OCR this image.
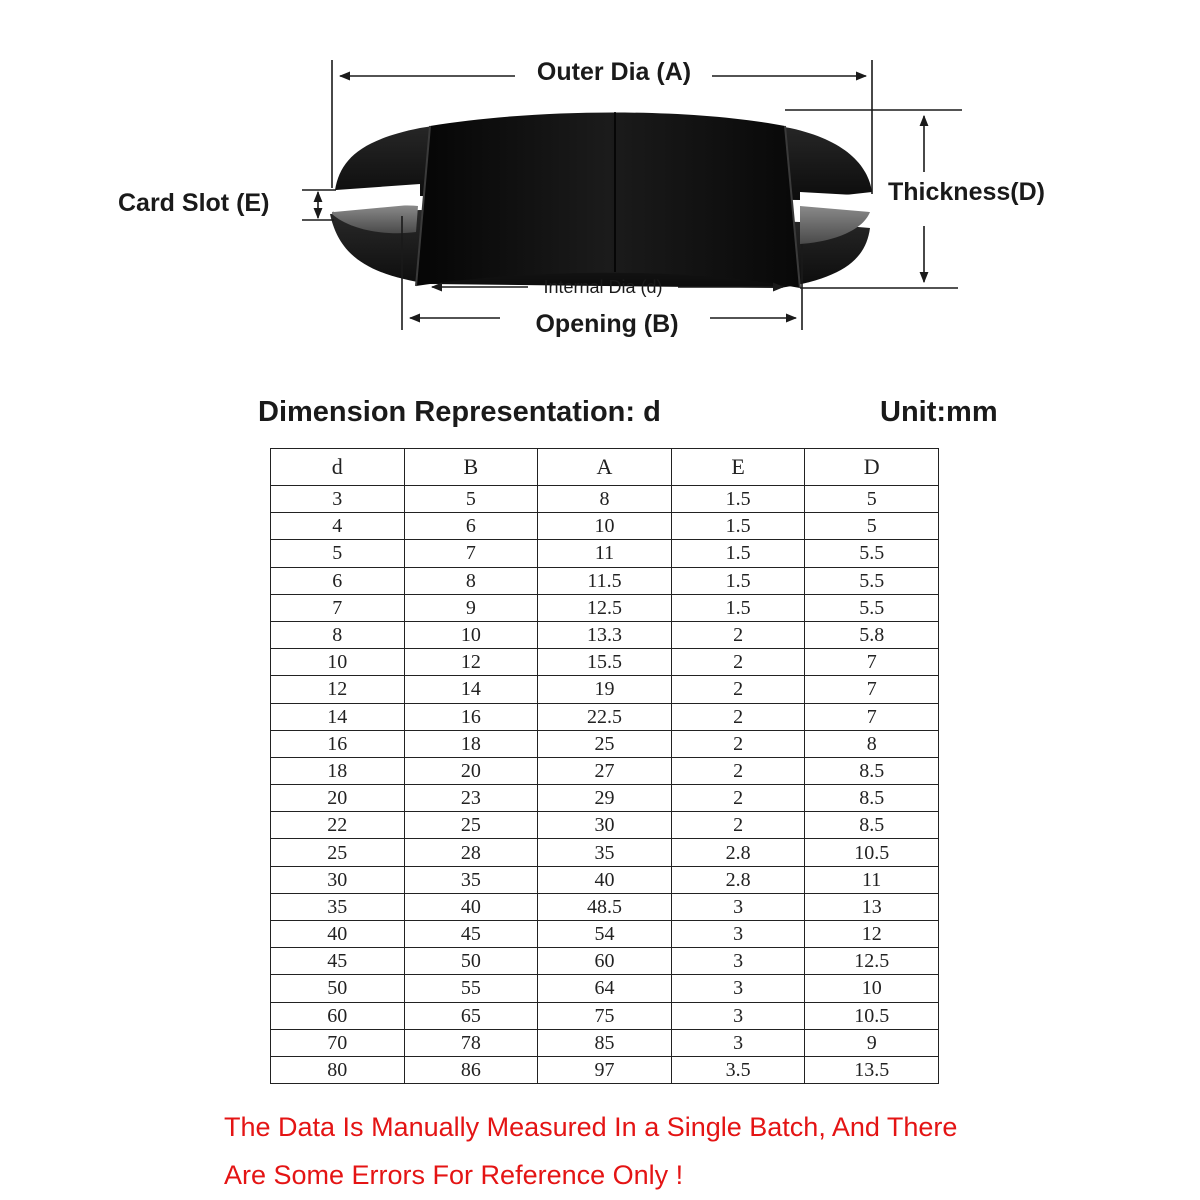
Outer Dia (A)
Card Slot (E)	Thickness(D)
Internal Dia (d)
Opening (B)
Dimension Representation: d	Unit:mm
d	B	A	E	D
3	5	8	1.5	5
4	6	10	1.5	5
5	7	11	1.5	5.5
6	8	11.5	1.5	5.5
7	9	12.5	1.5	5.5
8	10	13.3	2	5.8
10	12	15.5	2	7
12	14	19	2	7
14	16	22.5	2	7
16	18	25	2	8
18	20	27	2	8.5
20	23	29	2	8.5
22	25	30	2	8.5
25	28	35	2.8	10.5
30	35	40	2.8	11
35	40	48.5	3	13
40	45	54	3	12
45	50	60	3	12.5
50	55	64	3	10
60	65	75	3	10.5
70	78	85	3	9
80	86	97	3.5	13.5
The Data Is Manually Measured In a Single Batch, And There
Are Some Errors For Reference Only !
